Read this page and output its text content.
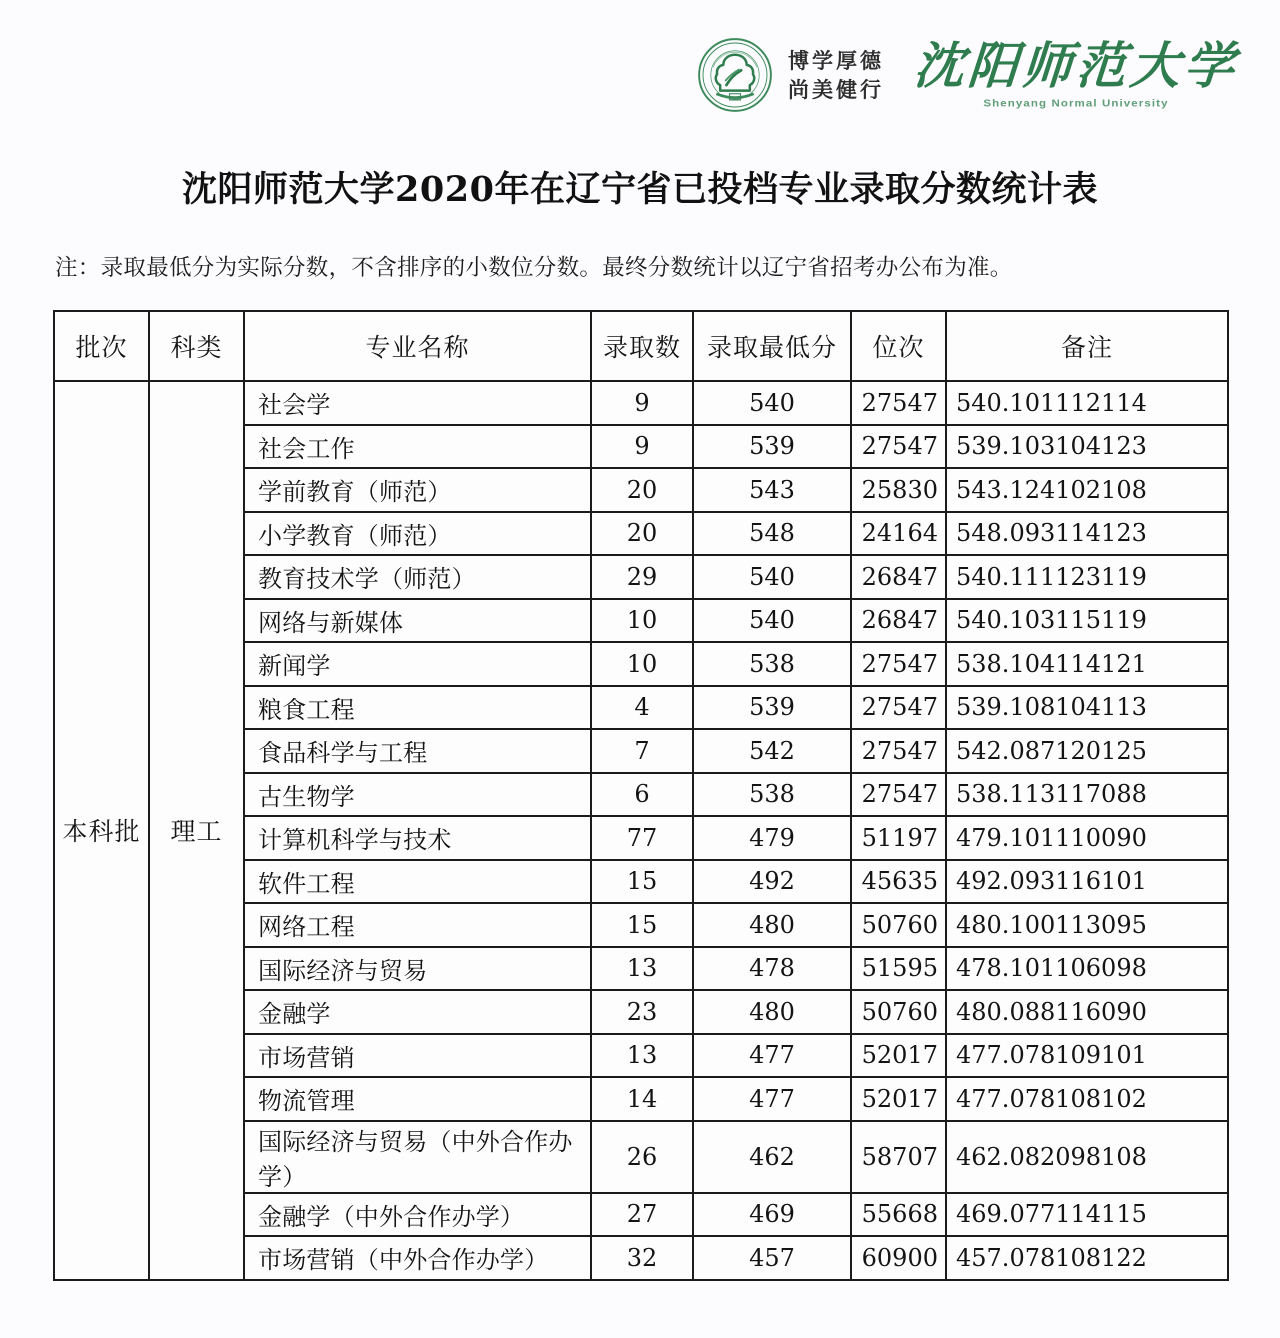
博学厚德
尚美健行 沈阳师范大学
Shenyang Normal University
沈阳师范大学2020年在辽宁省已投档专业录取分数统计表

注：录取最低分为实际分数，不含排序的小数位分数。最终分数统计以辽宁省招考办公布为准。

批次	科类	专业名称	录取数	录取最低分	位次	备注
本科批	理工	社会学	9	540	27547	540.101112114
		社会工作	9	539	27547	539.103104123
		学前教育（师范）	20	543	25830	543.124102108
		小学教育（师范）	20	548	24164	548.093114123
		教育技术学（师范）	29	540	26847	540.111123119
		网络与新媒体	10	540	26847	540.103115119
		新闻学	10	538	27547	538.104114121
		粮食工程	4	539	27547	539.108104113
		食品科学与工程	7	542	27547	542.087120125
		古生物学	6	538	27547	538.113117088
		计算机科学与技术	77	479	51197	479.101110090
		软件工程	15	492	45635	492.093116101
		网络工程	15	480	50760	480.100113095
		国际经济与贸易	13	478	51595	478.101106098
		金融学	23	480	50760	480.088116090
		市场营销	13	477	52017	477.078109101
		物流管理	14	477	52017	477.078108102
		国际经济与贸易（中外合作办学）	26	462	58707	462.082098108
		金融学（中外合作办学）	27	469	55668	469.077114115
		市场营销（中外合作办学）	32	457	60900	457.078108122
